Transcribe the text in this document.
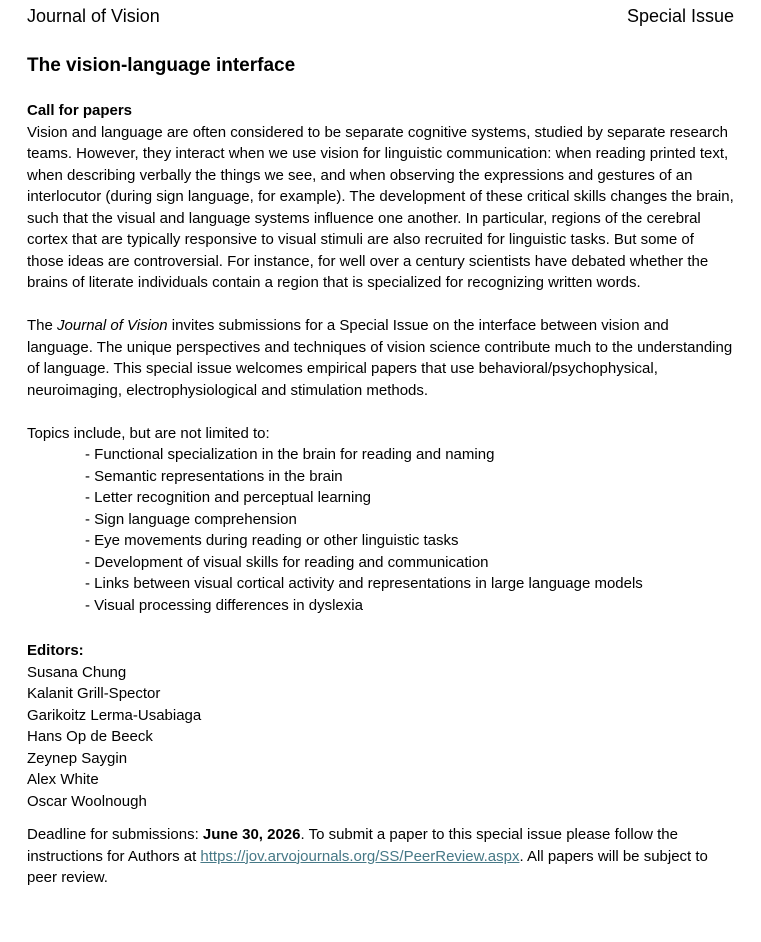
Journal of Vision	Special Issue
The vision-language interface
Call for papers

Vision and language are often considered to be separate cognitive systems, studied by separate research teams. However, they interact when we use vision for linguistic communication: when reading printed text, when describing verbally the things we see, and when observing the expressions and gestures of an interlocutor (during sign language, for example). The development of these critical skills changes the brain, such that the visual and language systems influence one another. In particular, regions of the cerebral cortex that are typically responsive to visual stimuli are also recruited for linguistic tasks. But some of those ideas are controversial. For instance, for well over a century scientists have debated whether the brains of literate individuals contain a region that is specialized for recognizing written words.

The Journal of Vision invites submissions for a Special Issue on the interface between vision and language. The unique perspectives and techniques of vision science contribute much to the understanding of language. This special issue welcomes empirical papers that use behavioral/psychophysical, neuroimaging, electrophysiological and stimulation methods.

Topics include, but are not limited to:
- Functional specialization in the brain for reading and naming
- Semantic representations in the brain
- Letter recognition and perceptual learning
- Sign language comprehension
- Eye movements during reading or other linguistic tasks
- Development of visual skills for reading and communication
- Links between visual cortical activity and representations in large language models
- Visual processing differences in dyslexia
Editors:
Susana Chung
Kalanit Grill-Spector
Garikoitz Lerma-Usabiaga
Hans Op de Beeck
Zeynep Saygin
Alex White
Oscar Woolnough

Deadline for submissions: June 30, 2026. To submit a paper to this special issue please follow the instructions for Authors at https://jov.arvojournals.org/SS/PeerReview.aspx. All papers will be subject to peer review.
